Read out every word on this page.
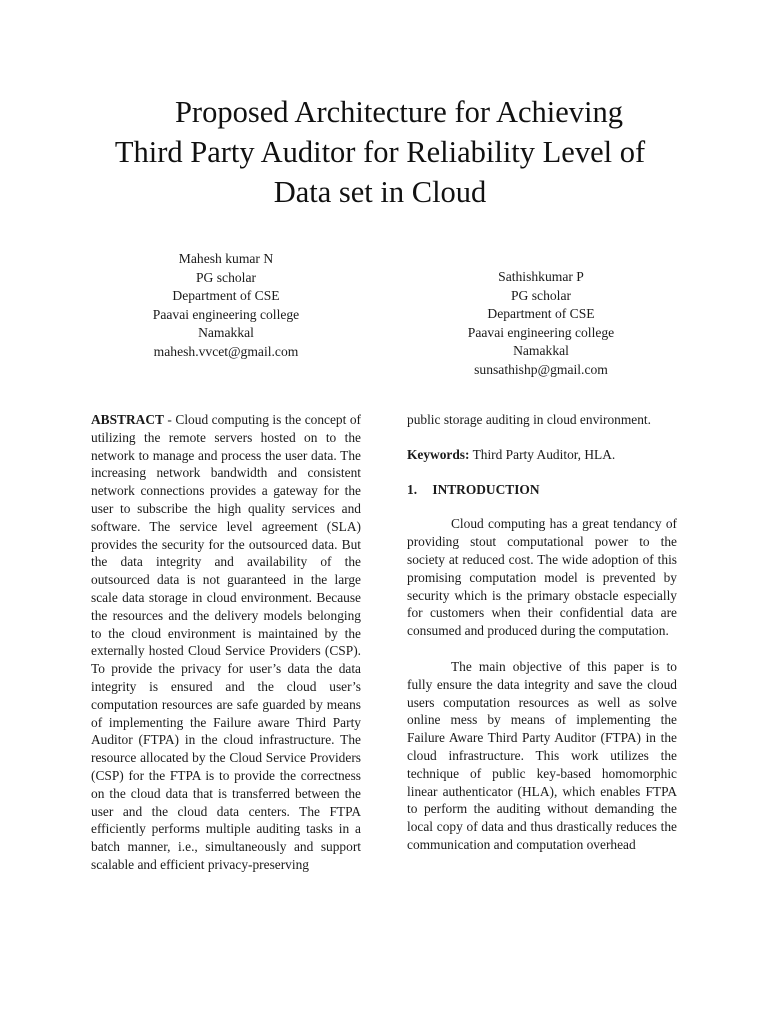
Proposed Architecture for Achieving
Third Party Auditor for Reliability Level of
Data set in Cloud
Mahesh kumar N
PG scholar
Department of CSE
Paavai engineering college
Namakkal
mahesh.vvcet@gmail.com
Sathishkumar P
PG scholar
Department of CSE
Paavai engineering college
Namakkal
sunsathishp@gmail.com

ABSTRACT - Cloud computing is the concept of utilizing the remote servers hosted on to the network to manage and process the user data. The increasing network bandwidth and consistent network connections provides a gateway for the user to subscribe the high quality services and software. The service level agreement (SLA) provides the security for the outsourced data. But the data integrity and availability of the outsourced data is not guaranteed in the large scale data storage in cloud environment. Because the resources and the delivery models belonging to the cloud environment is maintained by the externally hosted Cloud Service Providers (CSP). To provide the privacy for user’s data the data integrity is ensured and the cloud user’s computation resources are safe guarded by means of implementing the Failure aware Third Party Auditor (FTPA) in the cloud infrastructure. The resource allocated by the Cloud Service Providers (CSP) for the FTPA is to provide the correctness on the cloud data that is transferred between the user and the cloud data centers. The FTPA efficiently performs multiple auditing tasks in a batch manner, i.e., simultaneously and support scalable and efficient privacy-preserving

public storage auditing in cloud environment.

Keywords: Third Party Auditor, HLA.

1. INTRODUCTION

Cloud computing has a great tendancy of providing stout computational power to the society at reduced cost. The wide adoption of this promising computation model is prevented by security which is the primary obstacle especially for customers when their confidential data are consumed and produced during the computation.

The main objective of this paper is to fully ensure the data integrity and save the cloud users computation resources as well as solve online mess by means of implementing the Failure Aware Third Party Auditor (FTPA) in the cloud infrastructure. This work utilizes the technique of public key-based homomorphic linear authenticator (HLA), which enables FTPA to perform the auditing without demanding the local copy of data and thus drastically reduces the communication and computation overhead
